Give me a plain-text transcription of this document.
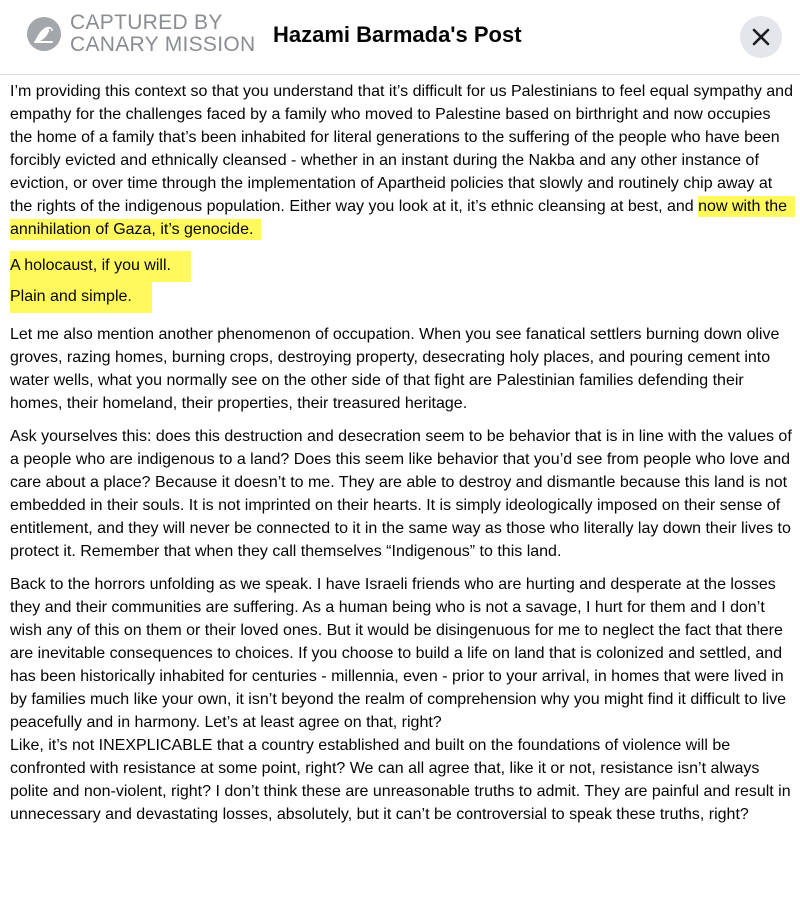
CAPTURED BY
CANARY MISSION Hazami Barmada's Post

I’m providing this context so that you understand that it’s difficult for us Palestinians to feel equal sympathy and empathy for the challenges faced by a family who moved to Palestine based on birthright and now occupies the home of a family that’s been inhabited for literal generations to the suffering of the people who have been forcibly evicted and ethnically cleansed - whether in an instant during the Nakba and any other instance of eviction, or over time through the implementation of Apartheid policies that slowly and routinely chip away at the rights of the indigenous population. Either way you look at it, it’s ethnic cleansing at best, and now with the annihilation of Gaza, it’s genocide.

A holocaust, if you will.

Plain and simple.

Let me also mention another phenomenon of occupation. When you see fanatical settlers burning down olive groves, razing homes, burning crops, destroying property, desecrating holy places, and pouring cement into water wells, what you normally see on the other side of that fight are Palestinian families defending their homes, their homeland, their properties, their treasured heritage.

Ask yourselves this: does this destruction and desecration seem to be behavior that is in line with the values of a people who are indigenous to a land? Does this seem like behavior that you’d see from people who love and care about a place? Because it doesn’t to me. They are able to destroy and dismantle because this land is not embedded in their souls. It is not imprinted on their hearts. It is simply ideologically imposed on their sense of entitlement, and they will never be connected to it in the same way as those who literally lay down their lives to protect it. Remember that when they call themselves “Indigenous” to this land.

Back to the horrors unfolding as we speak. I have Israeli friends who are hurting and desperate at the losses they and their communities are suffering. As a human being who is not a savage, I hurt for them and I don’t wish any of this on them or their loved ones. But it would be disingenuous for me to neglect the fact that there are inevitable consequences to choices. If you choose to build a life on land that is colonized and settled, and has been historically inhabited for centuries - millennia, even - prior to your arrival, in homes that were lived in by families much like your own, it isn’t beyond the realm of comprehension why you might find it difficult to live peacefully and in harmony. Let’s at least agree on that, right?

Like, it’s not INEXPLICABLE that a country established and built on the foundations of violence will be confronted with resistance at some point, right? We can all agree that, like it or not, resistance isn’t always polite and non-violent, right? I don’t think these are unreasonable truths to admit. They are painful and result in unnecessary and devastating losses, absolutely, but it can’t be controversial to speak these truths, right?
